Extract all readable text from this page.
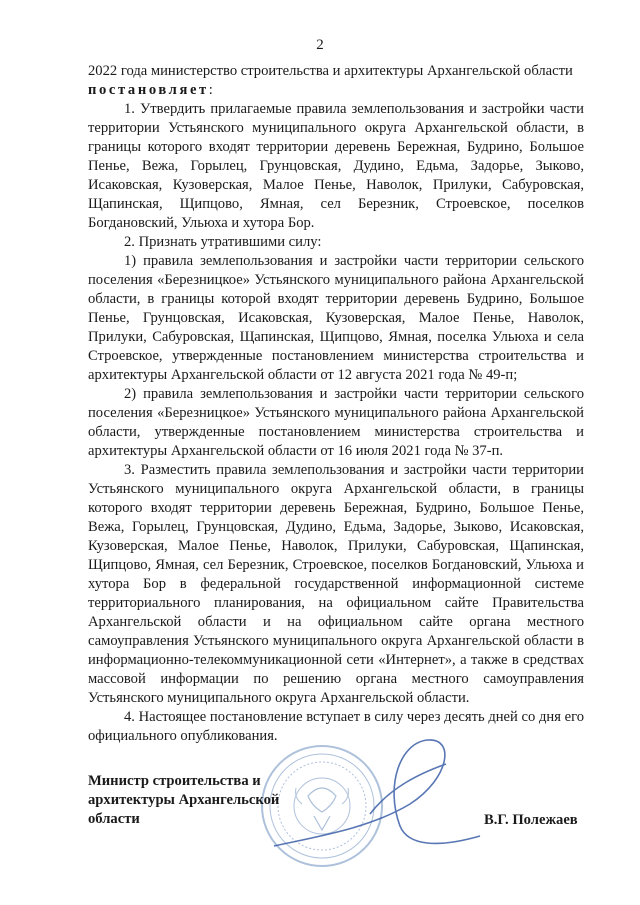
2

2022 года министерство строительства и архитектуры Архангельской области

постановляет:

1. Утвердить прилагаемые правила землепользования и застройки части территории Устьянского муниципального округа Архангельской области, в границы которого входят территории деревень Бережная, Будрино, Большое Пенье, Вежа, Горылец, Грунцовская, Дудино, Едьма, Задорье, Зыково, Исаковская, Кузоверская, Малое Пенье, Наволок, Прилуки, Сабуровская, Щапинская, Щипцово, Ямная, сел Березник, Строевское, поселков Богдановский, Ульюха и хутора Бор.

2. Признать утратившими силу:

1) правила землепользования и застройки части территории сельского поселения «Березницкое» Устьянского муниципального района Архангельской области, в границы которой входят территории деревень Будрино, Большое Пенье, Грунцовская, Исаковская, Кузоверская, Малое Пенье, Наволок, Прилуки, Сабуровская, Щапинская, Щипцово, Ямная, поселка Ульюха и села Строевское, утвержденные постановлением министерства строительства и архитектуры Архангельской области от 12 августа 2021 года № 49-п;

2) правила землепользования и застройки части территории сельского поселения «Березницкое» Устьянского муниципального района Архангельской области, утвержденные постановлением министерства строительства и архитектуры Архангельской области от 16 июля 2021 года № 37-п.

3. Разместить правила землепользования и застройки части территории Устьянского муниципального округа Архангельской области, в границы которого входят территории деревень Бережная, Будрино, Большое Пенье, Вежа, Горылец, Грунцовская, Дудино, Едьма, Задорье, Зыково, Исаковская, Кузоверская, Малое Пенье, Наволок, Прилуки, Сабуровская, Щапинская, Щипцово, Ямная, сел Березник, Строевское, поселков Богдановский, Ульюха и хутора Бор в федеральной государственной информационной системе территориального планирования, на официальном сайте Правительства Архангельской области и на официальном сайте органа местного самоуправления Устьянского муниципального округа Архангельской области в информационно-телекоммуникационной сети «Интернет», а также в средствах массовой информации по решению органа местного самоуправления Устьянского муниципального округа Архангельской области.

4. Настоящее постановление вступает в силу через десять дней со дня его официального опубликования.

Министр строительства и архитектуры Архангельской области	В.Г. Полежаев
